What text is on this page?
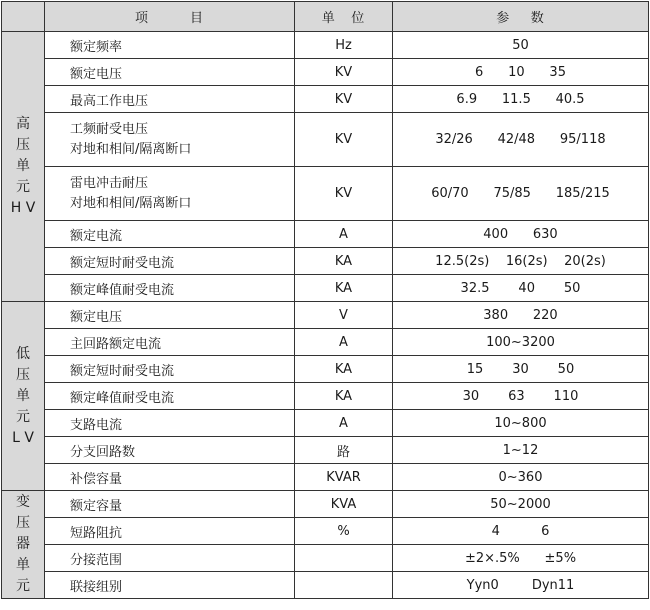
	项        目	单   位	参    数

高
压
单
元
H V	额定频率	Hz	50

	额定电压	KV	6      10      35

	最高工作电压	KV	6.9      11.5      40.5

	工频耐受电压
对地和相间/隔离断口	KV	32/26      42/48      95/118

	雷电冲击耐压
对地和相间/隔离断口	KV	60/70      75/85      185/215

	额定电流	A	400      630

	额定短时耐受电流	KA	12.5(2s)    16(2s)    20(2s)

	额定峰值耐受电流	KA	32.5       40       50

低
压
单
元
L V	额定电压	V	380      220

	主回路额定电流	A	100~3200

	额定短时耐受电流	KA	15       30       50

	额定峰值耐受电流	KA	30       63       110

	支路电流	A	10~800

	分支回路数	路	1~12

	补偿容量	KVAR	0~360

变
压
器
单
元	额定容量	KVA	50~2000

	短路阻抗	%	4          6

	分接范围		±2×.5%      ±5%

	联接组别		Yyn0        Dyn11
